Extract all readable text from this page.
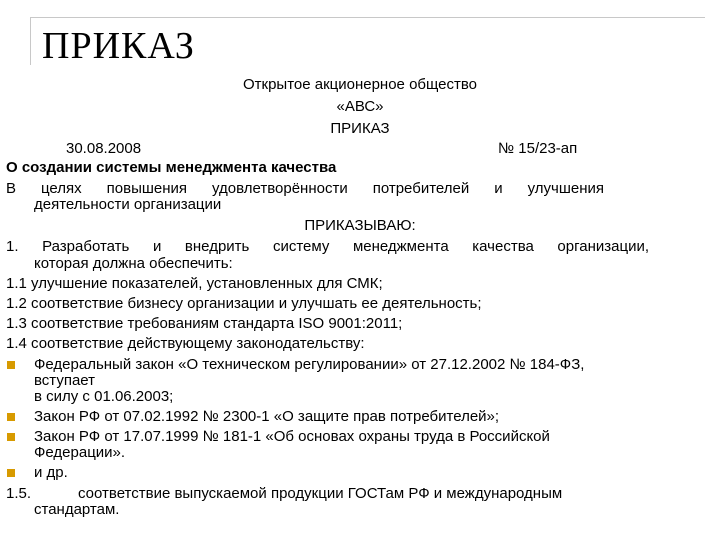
ПРИКАЗ
Открытое акционерное общество
«АВС»
ПРИКАЗ
30.08.2008	№ 15/23-ап
О создании системы менеджмента качества
В целях повышения удовлетворённости потребителей и улучшения
деятельности организации
ПРИКАЗЫВАЮ:
1. Разработать и внедрить систему менеджмента качества организации,
которая должна обеспечить:
1.1 улучшение показателей, установленных для СМК;
1.2 соответствие бизнесу организации и улучшать ее деятельность;
1.3 соответствие требованиям стандарта ISO 9001:2011;
1.4 соответствие действующему законодательству:
Федеральный закон «О техническом регулировании» от 27.12.2002 № 184-ФЗ,
вступает
в силу с 01.06.2003;
Закон РФ от 07.02.1992 № 2300-1 «О защите прав потребителей»;
Закон РФ от 17.07.1999 № 181-1 «Об основах охраны труда в Российской
Федерации».
и др.
1.5.	соответствие выпускаемой продукции ГОСТам РФ и международным
стандартам.
